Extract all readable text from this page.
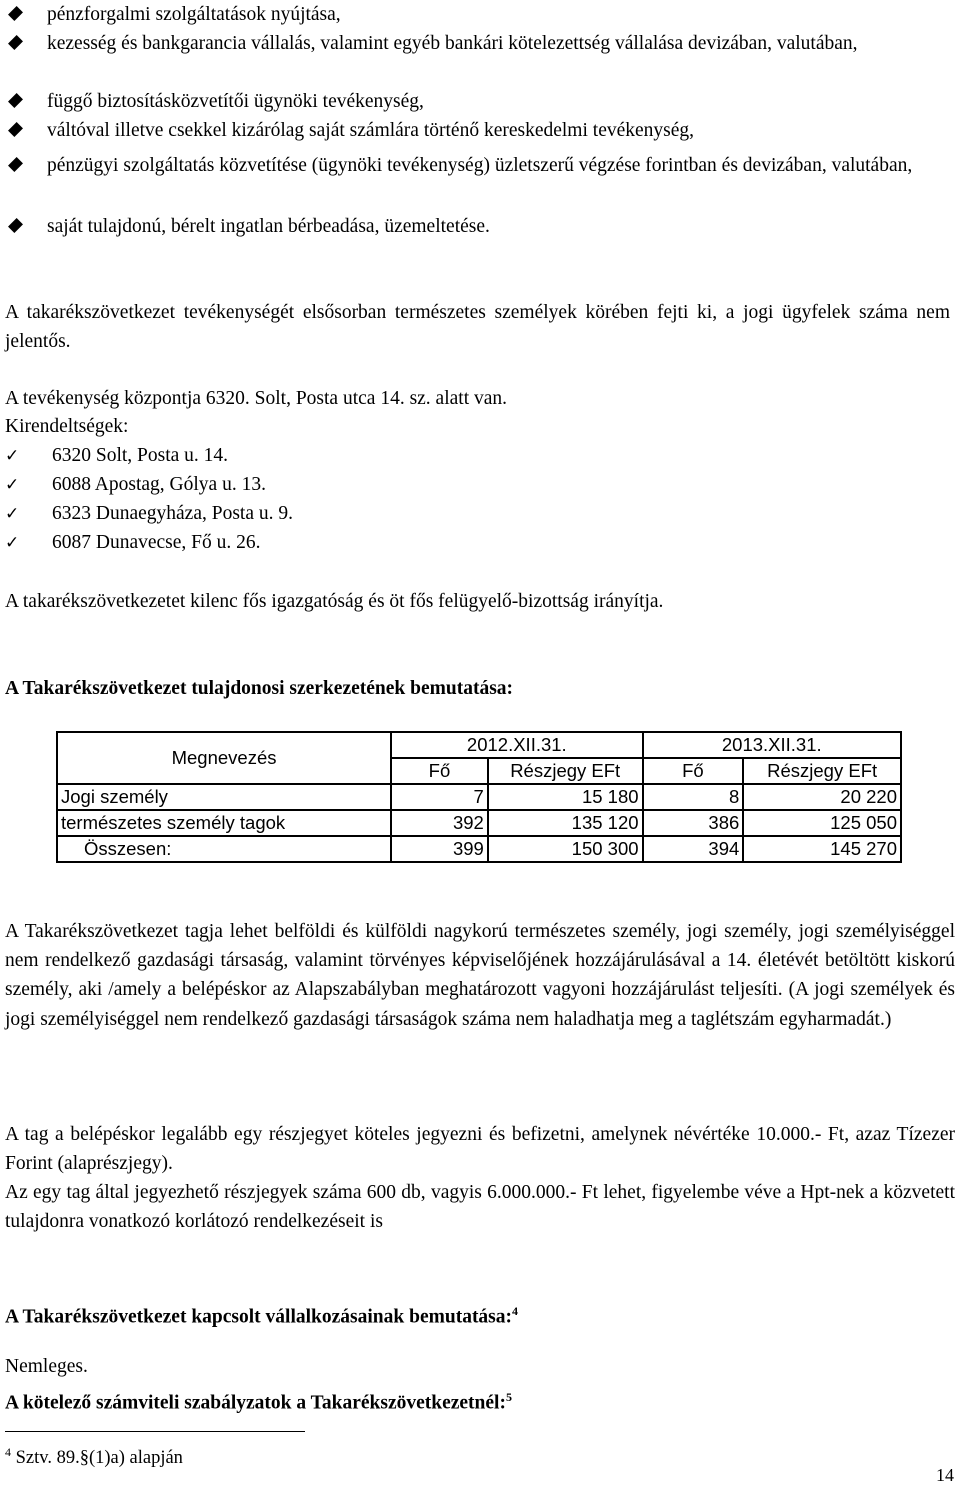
pénzforgalmi szolgáltatások nyújtása,
kezesség és bankgarancia vállalás, valamint egyéb bankári kötelezettség vállalása devizában, valutában,
függő biztosításközvetítői ügynöki tevékenység,
váltóval illetve csekkel kizárólag saját számlára történő kereskedelmi tevékenység,
pénzügyi szolgáltatás közvetítése (ügynöki tevékenység) üzletszerű végzése forintban és devizában, valutában,
saját tulajdonú, bérelt ingatlan bérbeadása, üzemeltetése.
A takarékszövetkezet tevékenységét elsősorban természetes személyek körében fejti ki, a jogi ügyfelek száma nem jelentős.
A tevékenység központja 6320. Solt, Posta utca 14. sz. alatt van.
Kirendeltségek:
✓ 6320 Solt, Posta u. 14.
✓ 6088 Apostag, Gólya u. 13.
✓ 6323 Dunaegyháza, Posta u. 9.
✓ 6087 Dunavecse, Fő u. 26.
A takarékszövetkezetet kilenc fős igazgatóság és öt fős felügyelő-bizottság irányítja.
A Takarékszövetkezet tulajdonosi szerkezetének bemutatása:
Megnevezés	2012.XII.31.		2013.XII.31.	
	Fő	Részjegy EFt	Fő	Részjegy EFt
Jogi személy	7	15 180	8	20 220
természetes személy tagok	392	135 120	386	125 050
Összesen:	399	150 300	394	145 270
A Takarékszövetkezet tagja lehet belföldi és külföldi nagykorú természetes személy, jogi személy, jogi személyiséggel nem rendelkező gazdasági társaság, valamint törvényes képviselőjének hozzájárulásával a 14. életévét betöltött kiskorú személy, aki /amely a belépéskor az Alapszabályban meghatározott vagyoni hozzájárulást teljesíti. (A jogi személyek és jogi személyiséggel nem rendelkező gazdasági társaságok száma nem haladhatja meg a taglétszám egyharmadát.)
A tag a belépéskor legalább egy részjegyet köteles jegyezni és befizetni, amelynek névértéke 10.000.- Ft, azaz Tízezer Forint (alaprészjegy).
Az egy tag által jegyezhető részjegyek száma 600 db, vagyis 6.000.000.- Ft lehet, figyelembe véve a Hpt-nek a közvetett tulajdonra vonatkozó korlátozó rendelkezéseit is
A Takarékszövetkezet kapcsolt vállalkozásainak bemutatása:$^4$
Nemleges.
A kötelező számviteli szabályzatok a Takarékszövetkezetnél:$^5$
$^4$ Sztv. 89.§(1)a) alapján
14
